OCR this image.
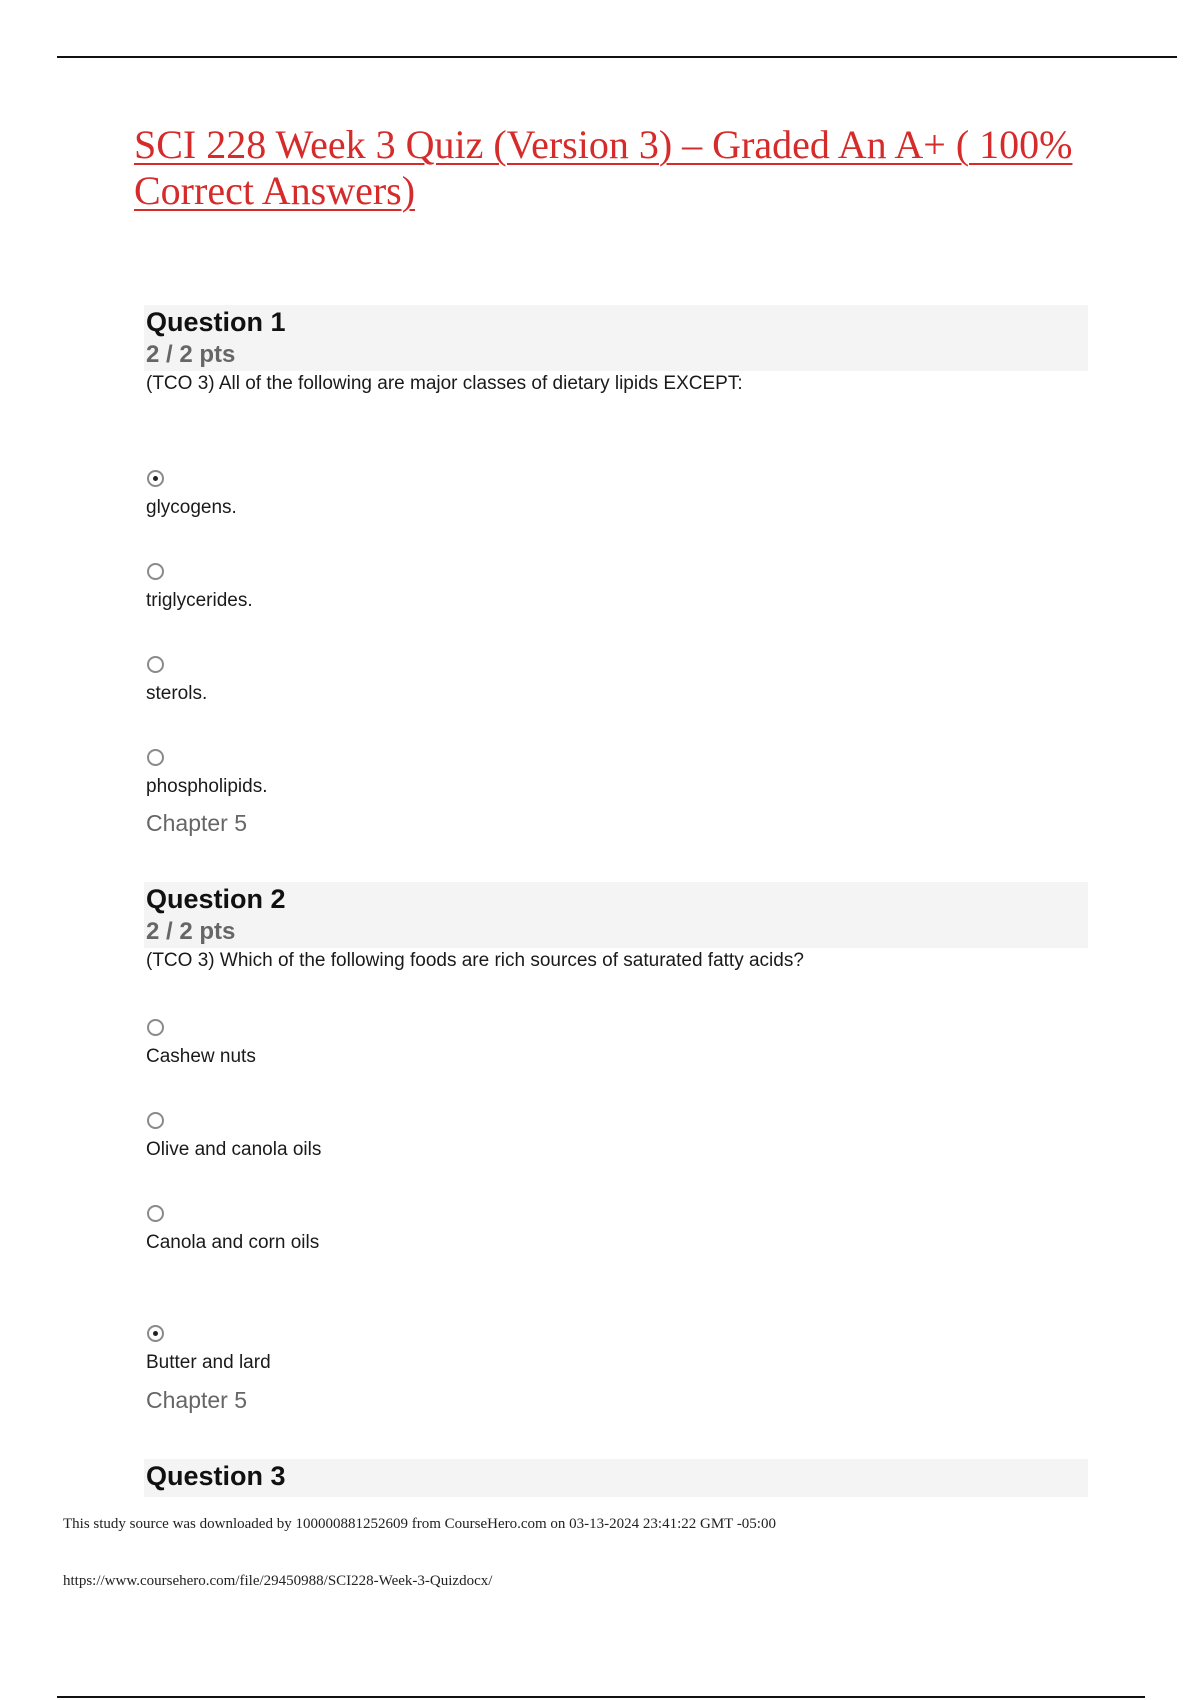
SCI 228 Week 3 Quiz (Version 3) – Graded An A+ ( 100% Correct Answers)
Question 1
2 / 2 pts
(TCO 3) All of the following are major classes of dietary lipids EXCEPT:
glycogens.
triglycerides.
sterols.
phospholipids.
Chapter 5
Question 2
2 / 2 pts
(TCO 3) Which of the following foods are rich sources of saturated fatty acids?
Cashew nuts
Olive and canola oils
Canola and corn oils
Butter and lard
Chapter 5
Question 3
This study source was downloaded by 100000881252609 from CourseHero.com on 03-13-2024 23:41:22 GMT -05:00
https://www.coursehero.com/file/29450988/SCI228-Week-3-Quizdocx/
